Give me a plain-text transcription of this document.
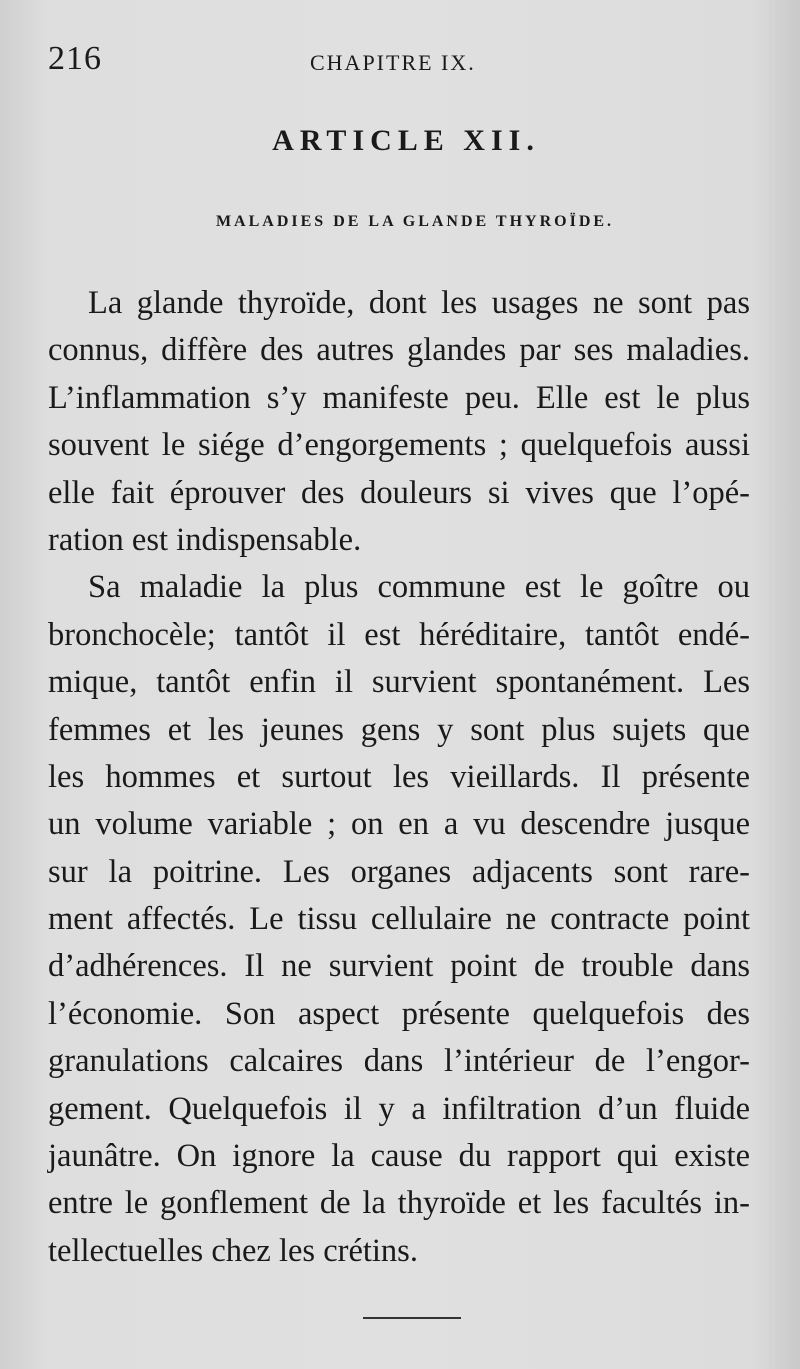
216	CHAPITRE IX.
ARTICLE XII.
MALADIES DE LA GLANDE THYROÏDE.
La glande thyroïde, dont les usages ne sont pas
connus, diffère des autres glandes par ses maladies.
L’inflammation s’y manifeste peu. Elle est le plus
souvent le siége d’engorgements ; quelquefois aussi
elle fait éprouver des douleurs si vives que l’opé-
ration est indispensable.
Sa maladie la plus commune est le goître ou
bronchocèle; tantôt il est héréditaire, tantôt endé-
mique, tantôt enfin il survient spontanément. Les
femmes et les jeunes gens y sont plus sujets que
les hommes et surtout les vieillards. Il présente
un volume variable ; on en a vu descendre jusque
sur la poitrine. Les organes adjacents sont rare-
ment affectés. Le tissu cellulaire ne contracte point
d’adhérences. Il ne survient point de trouble dans
l’économie. Son aspect présente quelquefois des
granulations calcaires dans l’intérieur de l’engor-
gement. Quelquefois il y a infiltration d’un fluide
jaunâtre. On ignore la cause du rapport qui existe
entre le gonflement de la thyroïde et les facultés in-
tellectuelles chez les crétins.
